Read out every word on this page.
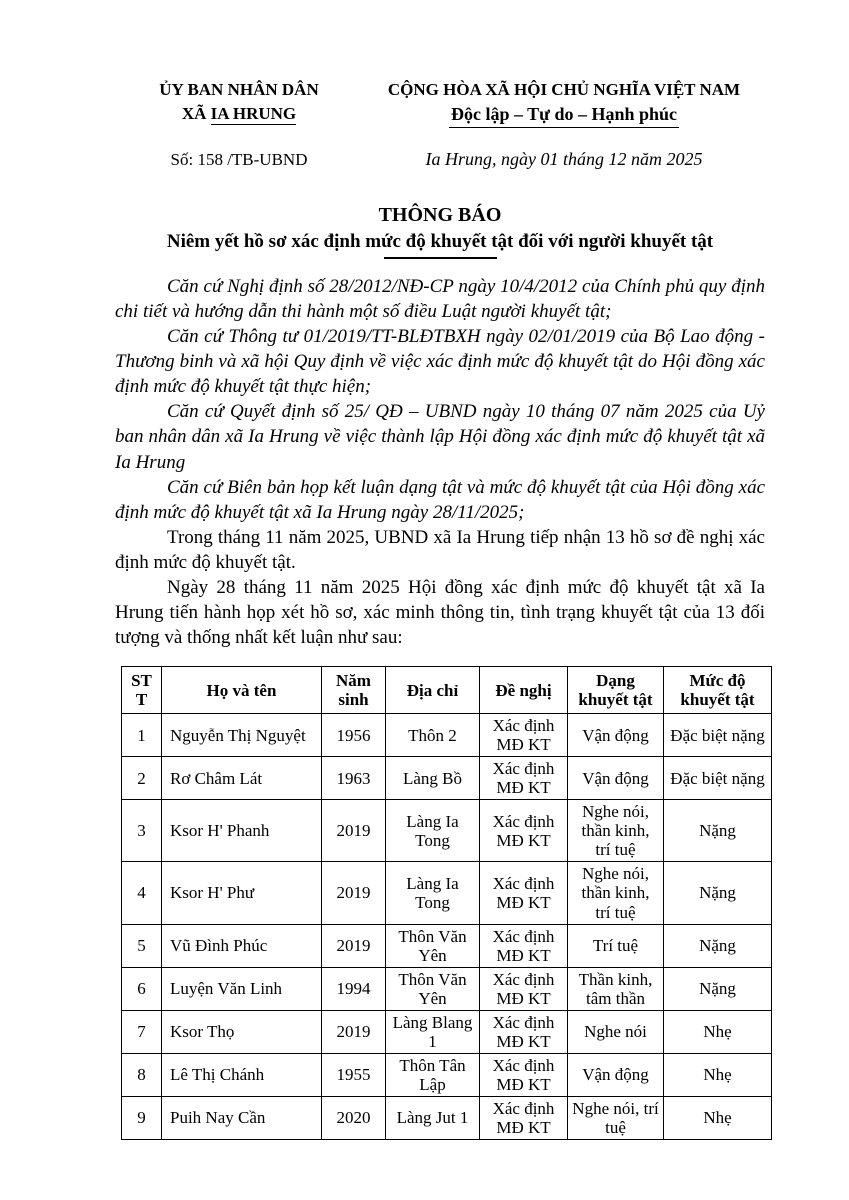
ỦY BAN NHÂN DÂN
XÃ IA HRUNG
Số: 158 /TB-UBND
CỘNG HÒA XÃ HỘI CHỦ NGHĨA VIỆT NAM
Độc lập – Tự do – Hạnh phúc
Ia Hrung, ngày 01 tháng 12 năm 2025
THÔNG BÁO
Niêm yết hồ sơ xác định mức độ khuyết tật đối với người khuyết tật

Căn cứ Nghị định số 28/2012/NĐ-CP ngày 10/4/2012 của Chính phủ quy định chi tiết và hướng dẫn thi hành một số điều Luật người khuyết tật;

Căn cứ Thông tư 01/2019/TT-BLĐTBXH ngày 02/01/2019 của Bộ Lao động - Thương binh và xã hội Quy định về việc xác định mức độ khuyết tật do Hội đồng xác định mức độ khuyết tật thực hiện;

Căn cứ Quyết định số 25/ QĐ – UBND ngày 10 tháng 07 năm 2025 của Uỷ ban nhân dân xã Ia Hrung về việc thành lập Hội đồng xác định mức độ khuyết tật xã Ia Hrung

Căn cứ Biên bản họp kết luận dạng tật và mức độ khuyết tật của Hội đồng xác định mức độ khuyết tật xã Ia Hrung ngày 28/11/2025;

Trong tháng 11 năm 2025, UBND xã Ia Hrung tiếp nhận 13 hồ sơ đề nghị xác định mức độ khuyết tật.

Ngày 28 tháng 11 năm 2025 Hội đồng xác định mức độ khuyết tật xã Ia Hrung tiến hành họp xét hồ sơ, xác minh thông tin, tình trạng khuyết tật của 13 đối tượng và thống nhất kết luận như sau:

STT	Họ và tên	Năm sinh	Địa chỉ	Đề nghị	Dạng khuyết tật	Mức độ khuyết tật
1	Nguyễn Thị Nguyệt	1956	Thôn 2	Xác định MĐ KT	Vận động	Đặc biệt nặng
2	Rơ Châm Lát	1963	Làng Bồ	Xác định MĐ KT	Vận động	Đặc biệt nặng
3	Ksor H' Phanh	2019	Làng Ia Tong	Xác định MĐ KT	Nghe nói, thần kinh, trí tuệ	Nặng
4	Ksor H' Phư	2019	Làng Ia Tong	Xác định MĐ KT	Nghe nói, thần kinh, trí tuệ	Nặng
5	Vũ Đình Phúc	2019	Thôn Văn Yên	Xác định MĐ KT	Trí tuệ	Nặng
6	Luyện Văn Linh	1994	Thôn Văn Yên	Xác định MĐ KT	Thần kinh, tâm thần	Nặng
7	Ksor Thọ	2019	Làng Blang 1	Xác định MĐ KT	Nghe nói	Nhẹ
8	Lê Thị Chánh	1955	Thôn Tân Lập	Xác định MĐ KT	Vận động	Nhẹ
9	Puih Nay Cần	2020	Làng Jut 1	Xác định MĐ KT	Nghe nói, trí tuệ	Nhẹ
